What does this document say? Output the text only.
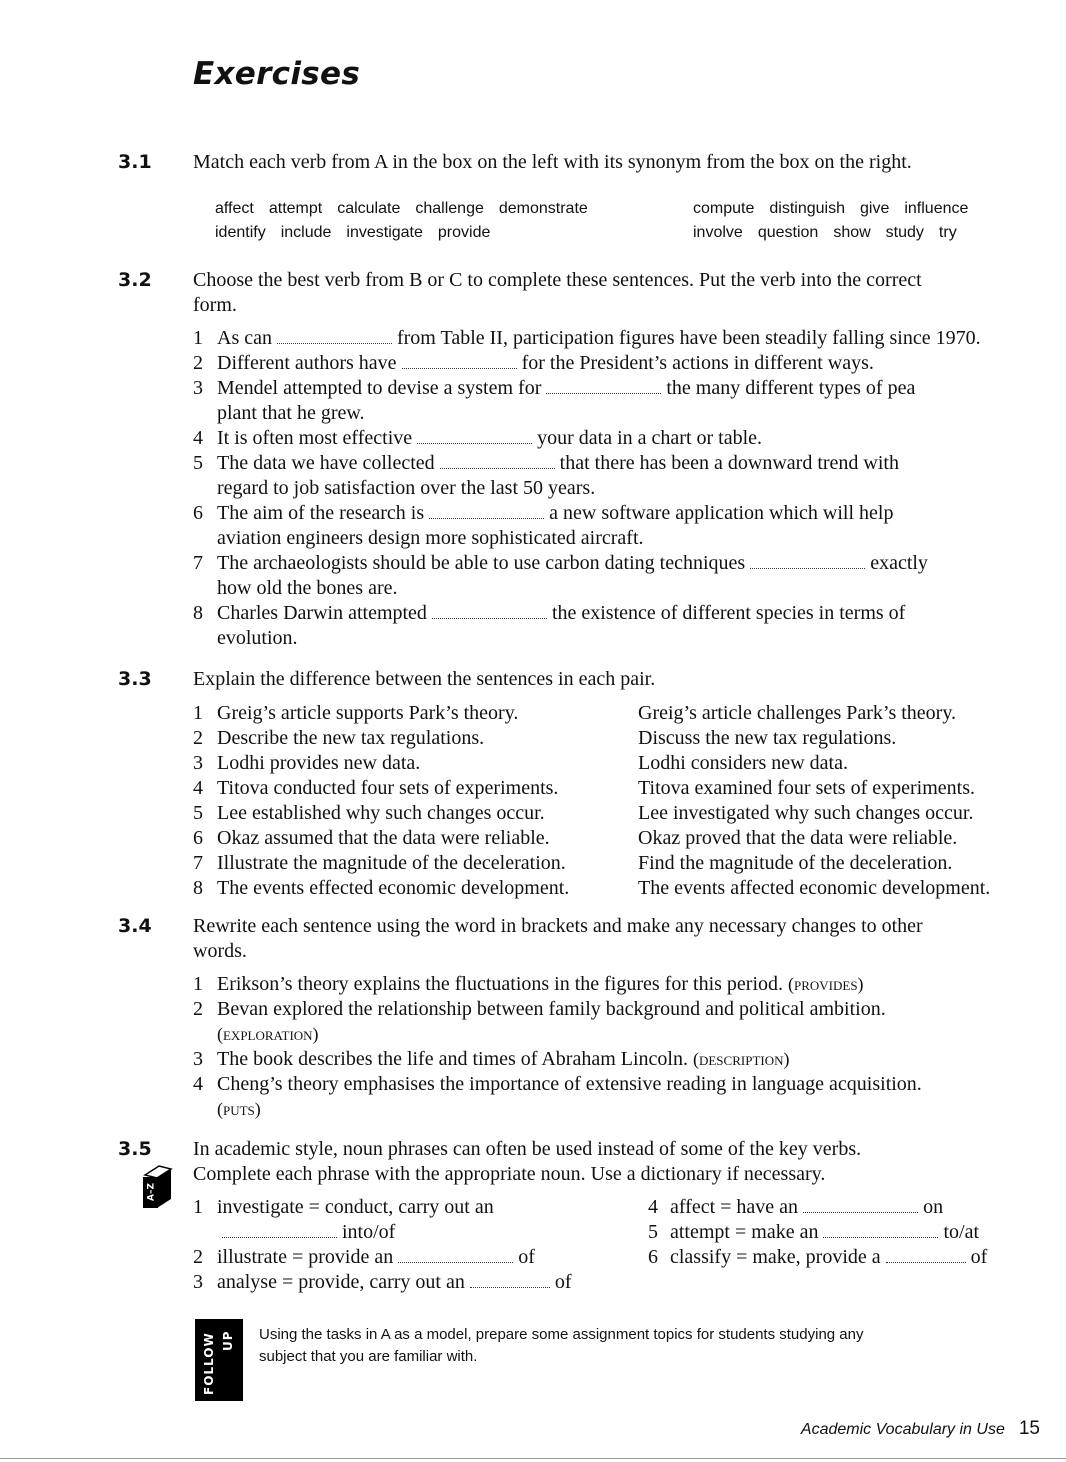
Exercises
3.1 Match each verb from A in the box on the left with its synonym from the box on the right.
affect attempt calculate challenge demonstrate
identify include investigate provide
compute distinguish give influence
involve question show study try
3.2 Choose the best verb from B or C to complete these sentences. Put the verb into the correct
form.
1 As can	from Table II, participation figures have been steadily falling since 1970.
2 Different authors have	for the President’s actions in different ways.
3 Mendel attempted to devise a system for	the many different types of pea
plant that he grew.
4 It is often most effective	your data in a chart or table.
5 The data we have collected	that there has been a downward trend with
regard to job satisfaction over the last 50 years.
6 The aim of the research is	a new software application which will help
aviation engineers design more sophisticated aircraft.
7 The archaeologists should be able to use carbon dating techniques	exactly
how old the bones are.
8 Charles Darwin attempted	the existence of different species in terms of
evolution.
3.3 Explain the difference between the sentences in each pair.
1 Greig’s article supports Park’s theory.	Greig’s article challenges Park’s theory.
2 Describe the new tax regulations.	Discuss the new tax regulations.
3 Lodhi provides new data.	Lodhi considers new data.
4 Titova conducted four sets of experiments.	Titova examined four sets of experiments.
5 Lee established why such changes occur.	Lee investigated why such changes occur.
6 Okaz assumed that the data were reliable.	Okaz proved that the data were reliable.
7 Illustrate the magnitude of the deceleration.	Find the magnitude of the deceleration.
8 The events effected economic development.	The events affected economic development.
3.4 Rewrite each sentence using the word in brackets and make any necessary changes to other
words.
1 Erikson’s theory explains the fluctuations in the figures for this period. (provides)
2 Bevan explored the relationship between family background and political ambition.
(exploration)
3 The book describes the life and times of Abraham Lincoln. (description)
4 Cheng’s theory emphasises the importance of extensive reading in language acquisition.
(puts)
3.5 In academic style, noun phrases can often be used instead of some of the key verbs.
Complete each phrase with the appropriate noun. Use a dictionary if necessary.
1 investigate = conduct, carry out an	4 affect = have an	on
into/of	5 attempt = make an	to/at
2 illustrate = provide an	of	6 classify = make, provide a	of
3 analyse = provide, carry out an	of
A–Z
FOLLOW UP Using the tasks in A as a model, prepare some assignment topics for students studying any
subject that you are familiar with.
Academic Vocabulary in Use 15
